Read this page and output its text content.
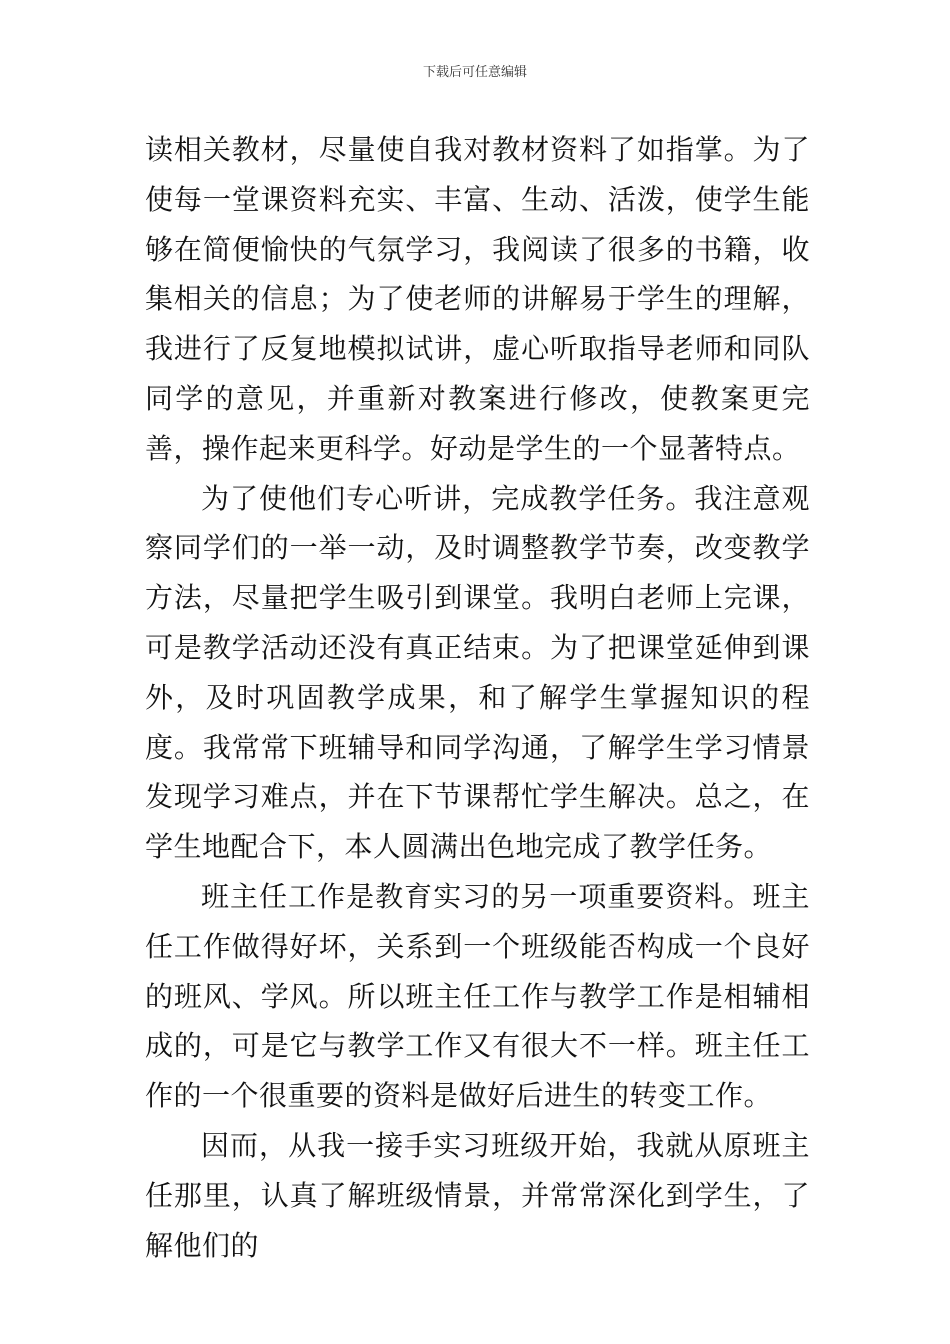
下载后可任意编辑

读相关教材，尽量使自我对教材资料了如指掌。为了使每一堂课资料充实、丰富、生动、活泼，使学生能够在简便愉快的气氛学习，我阅读了很多的书籍，收集相关的信息；为了使老师的讲解易于学生的理解，我进行了反复地模拟试讲，虚心听取指导老师和同队同学的意见，并重新对教案进行修改，使教案更完善，操作起来更科学。好动是学生的一个显著特点。

为了使他们专心听讲，完成教学任务。我注意观察同学们的一举一动，及时调整教学节奏，改变教学方法，尽量把学生吸引到课堂。我明白老师上完课，可是教学活动还没有真正结束。为了把课堂延伸到课外，及时巩固教学成果，和了解学生掌握知识的程度。我常常下班辅导和同学沟通，了解学生学习情景发现学习难点，并在下节课帮忙学生解决。总之，在学生地配合下，本人圆满出色地完成了教学任务。

班主任工作是教育实习的另一项重要资料。班主任工作做得好坏，关系到一个班级能否构成一个良好的班风、学风。所以班主任工作与教学工作是相辅相成的，可是它与教学工作又有很大不一样。班主任工作的一个很重要的资料是做好后进生的转变工作。

因而，从我一接手实习班级开始，我就从原班主任那里，认真了解班级情景，并常常深化到学生，了解他们的
